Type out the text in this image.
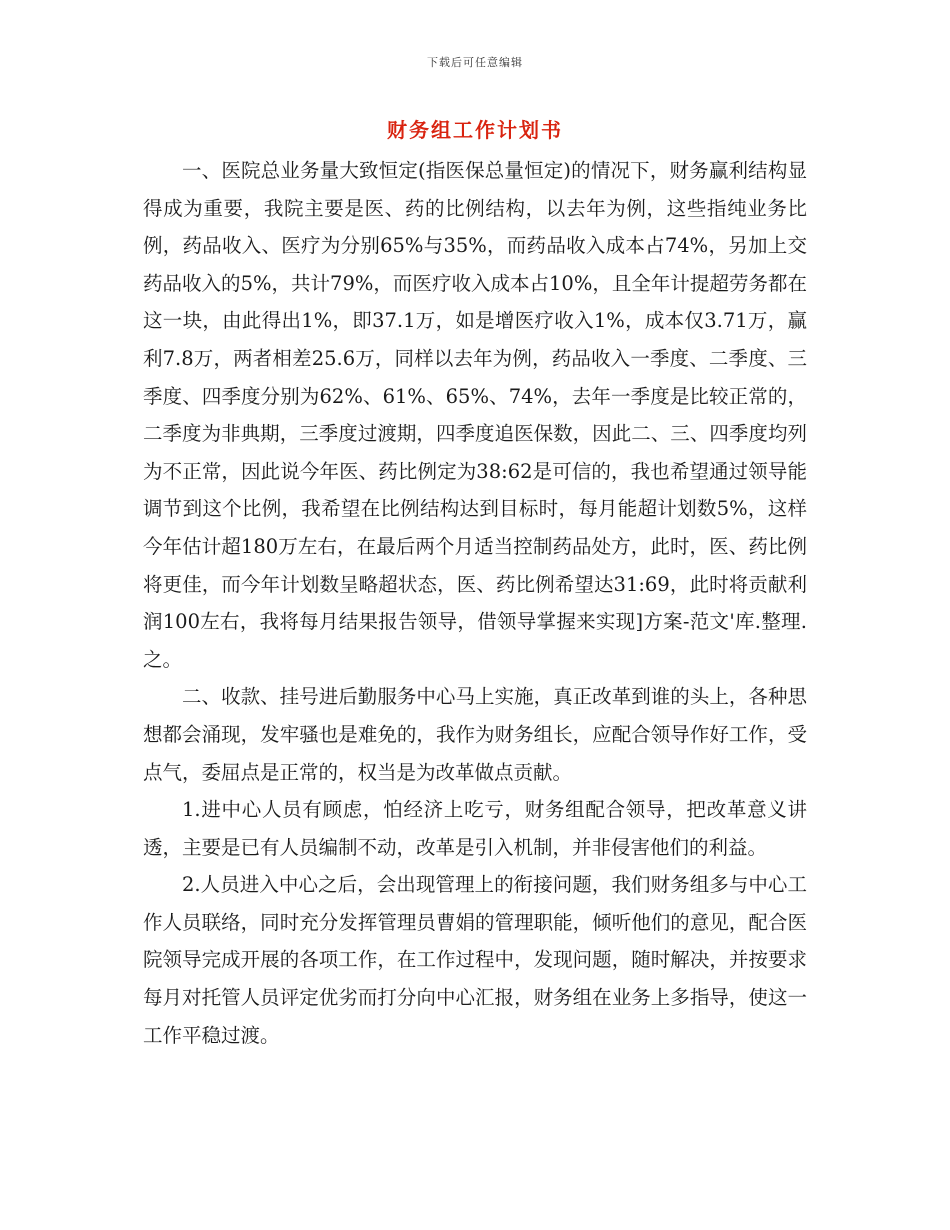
下载后可任意编辑
财务组工作计划书

一、医院总业务量大致恒定(指医保总量恒定)的情况下，财务赢利结构显得成为重要，我院主要是医、药的比例结构，以去年为例，这些指纯业务比例，药品收入、医疗为分别65%与35%，而药品收入成本占74%，另加上交药品收入的5%，共计79%，而医疗收入成本占10%，且全年计提超劳务都在这一块，由此得出1%，即37.1万，如是增医疗收入1%，成本仅3.71万，赢利7.8万，两者相差25.6万，同样以去年为例，药品收入一季度、二季度、三季度、四季度分别为62%、61%、65%、74%，去年一季度是比较正常的，二季度为非典期，三季度过渡期，四季度追医保数，因此二、三、四季度均列为不正常，因此说今年医、药比例定为38:62是可信的，我也希望通过领导能调节到这个比例，我希望在比例结构达到目标时，每月能超计划数5%，这样今年估计超180万左右，在最后两个月适当控制药品处方，此时，医、药比例将更佳，而今年计划数呈略超状态，医、药比例希望达31:69，此时将贡献利润100左右，我将每月结果报告领导，借领导掌握来实现]方案-范文'库.整理.之。

二、收款、挂号进后勤服务中心马上实施，真正改革到谁的头上，各种思想都会涌现，发牢骚也是难免的，我作为财务组长，应配合领导作好工作，受点气，委屈点是正常的，权当是为改革做点贡献。

1.进中心人员有顾虑，怕经济上吃亏，财务组配合领导，把改革意义讲透，主要是已有人员编制不动，改革是引入机制，并非侵害他们的利益。

2.人员进入中心之后，会出现管理上的衔接问题，我们财务组多与中心工作人员联络，同时充分发挥管理员曹娟的管理职能，倾听他们的意见，配合医院领导完成开展的各项工作，在工作过程中，发现问题，随时解决，并按要求每月对托管人员评定优劣而打分向中心汇报，财务组在业务上多指导，使这一工作平稳过渡。
